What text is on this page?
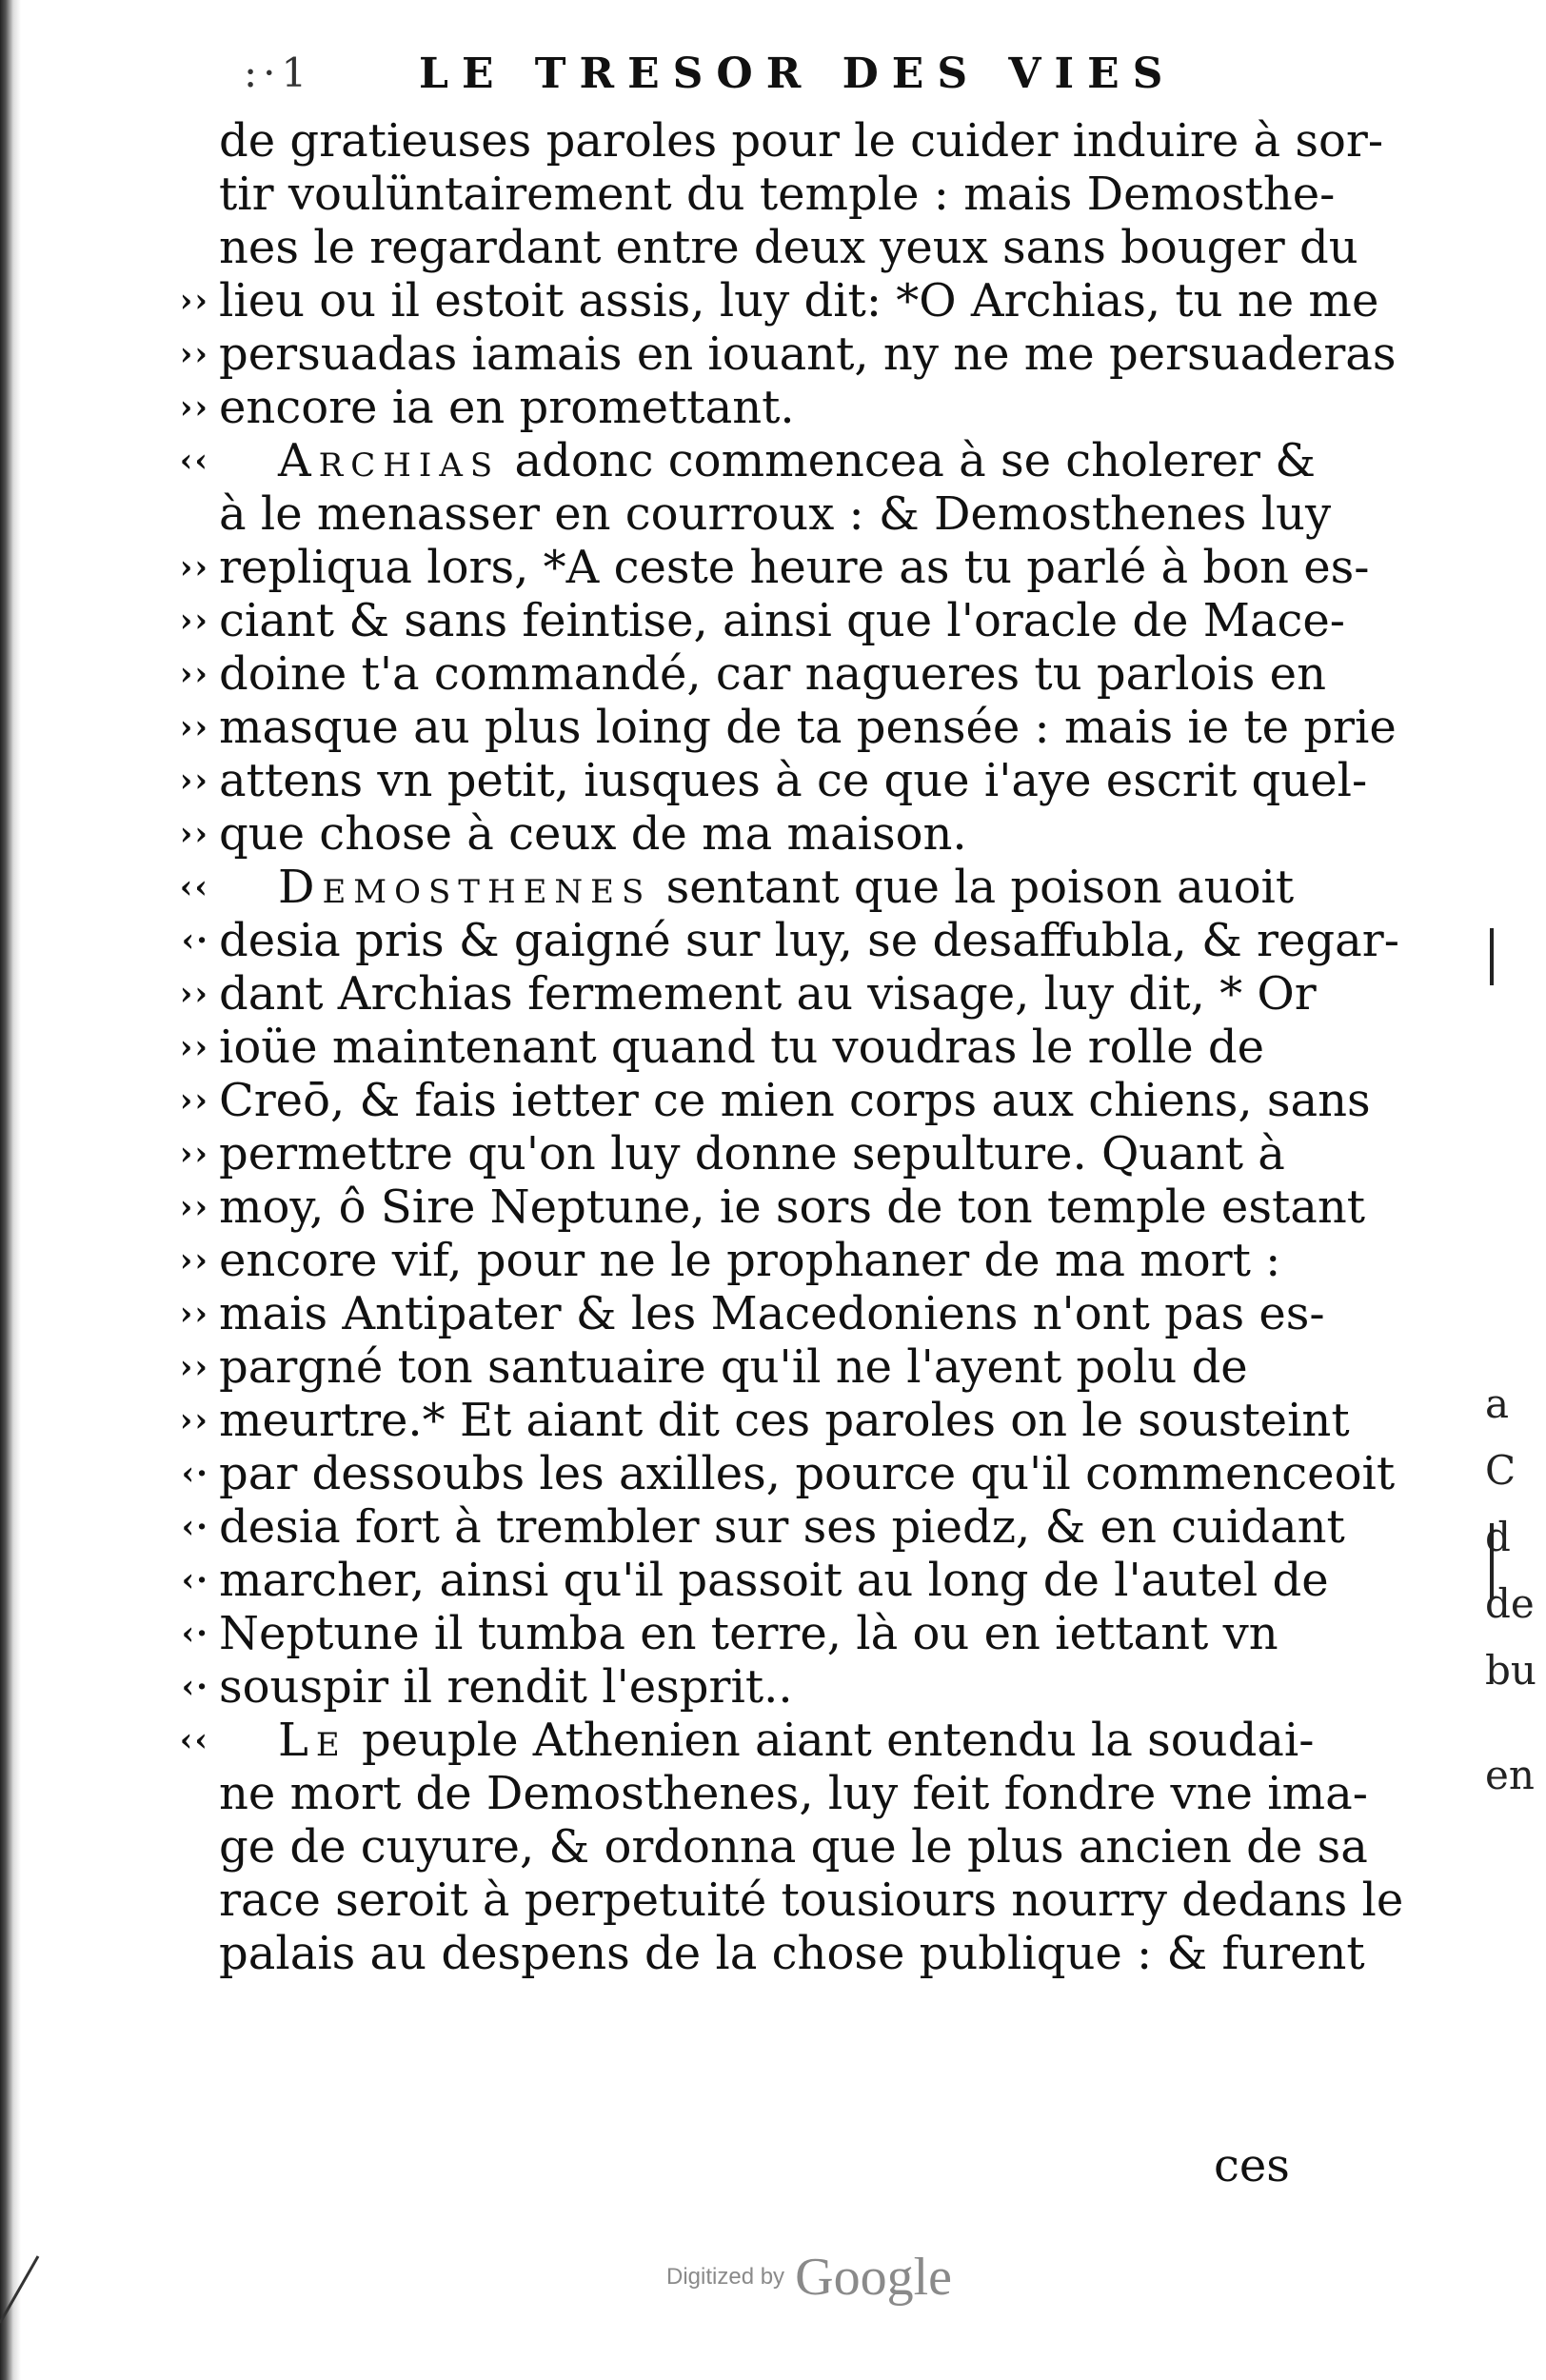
:·1	LE TRESOR DES VIES
de gratieuses paroles pour le cuider induire à sor-
tir voulüntairement du temple : mais Demosthe-
nes le regardant entre deux yeux sans bouger du
›› lieu ou il estoit assis, luy dit: *O Archias, tu ne me
›› persuadas iamais en iouant, ny ne me persuaderas
›› encore ia en promettant.
‹‹ Archias adonc commencea à se cholerer &
à le menasser en courroux : & Demosthenes luy
›› repliqua lors, *A ceste heure as tu parlé à bon es-
›› ciant & sans feintise, ainsi que l'oracle de Mace-
›› doine t'a commandé, car nagueres tu parlois en
›› masque au plus loing de ta pensée : mais ie te prie
›› attens vn petit, iusques à ce que i'aye escrit quel-
›› que chose à ceux de ma maison.
‹‹ Demosthenes sentant que la poison auoit
‹· desia pris & gaigné sur luy, se desaffubla, & regar-
›› dant Archias fermement au visage, luy dit, * Or
›› ioüe maintenant quand tu voudras le rolle de
›› Creō, & fais ietter ce mien corps aux chiens, sans
›› permettre qu'on luy donne sepulture. Quant à
›› moy, ô Sire Neptune, ie sors de ton temple estant
›› encore vif, pour ne le prophaner de ma mort :
›› mais Antipater & les Macedoniens n'ont pas es-
›› pargné ton santuaire qu'il ne l'ayent polu de
›› meurtre.* Et aiant dit ces paroles on le sousteint
‹· par dessoubs les axilles, pource qu'il commenceoit
‹· desia fort à trembler sur ses piedz, & en cuidant
‹· marcher, ainsi qu'il passoit au long de l'autel de
‹· Neptune il tumba en terre, là ou en iettant vn
‹· souspir il rendit l'esprit..
‹‹ Le peuple Athenien aiant entendu la soudai-
ne mort de Demosthenes, luy feit fondre vne ima-
ge de cuyure, & ordonna que le plus ancien de sa
race seroit à perpetuité tousiours nourry dedans le
palais au despens de la chose publique : & furent
ces
a
C
d
de
bu
en
Digitized by Google
